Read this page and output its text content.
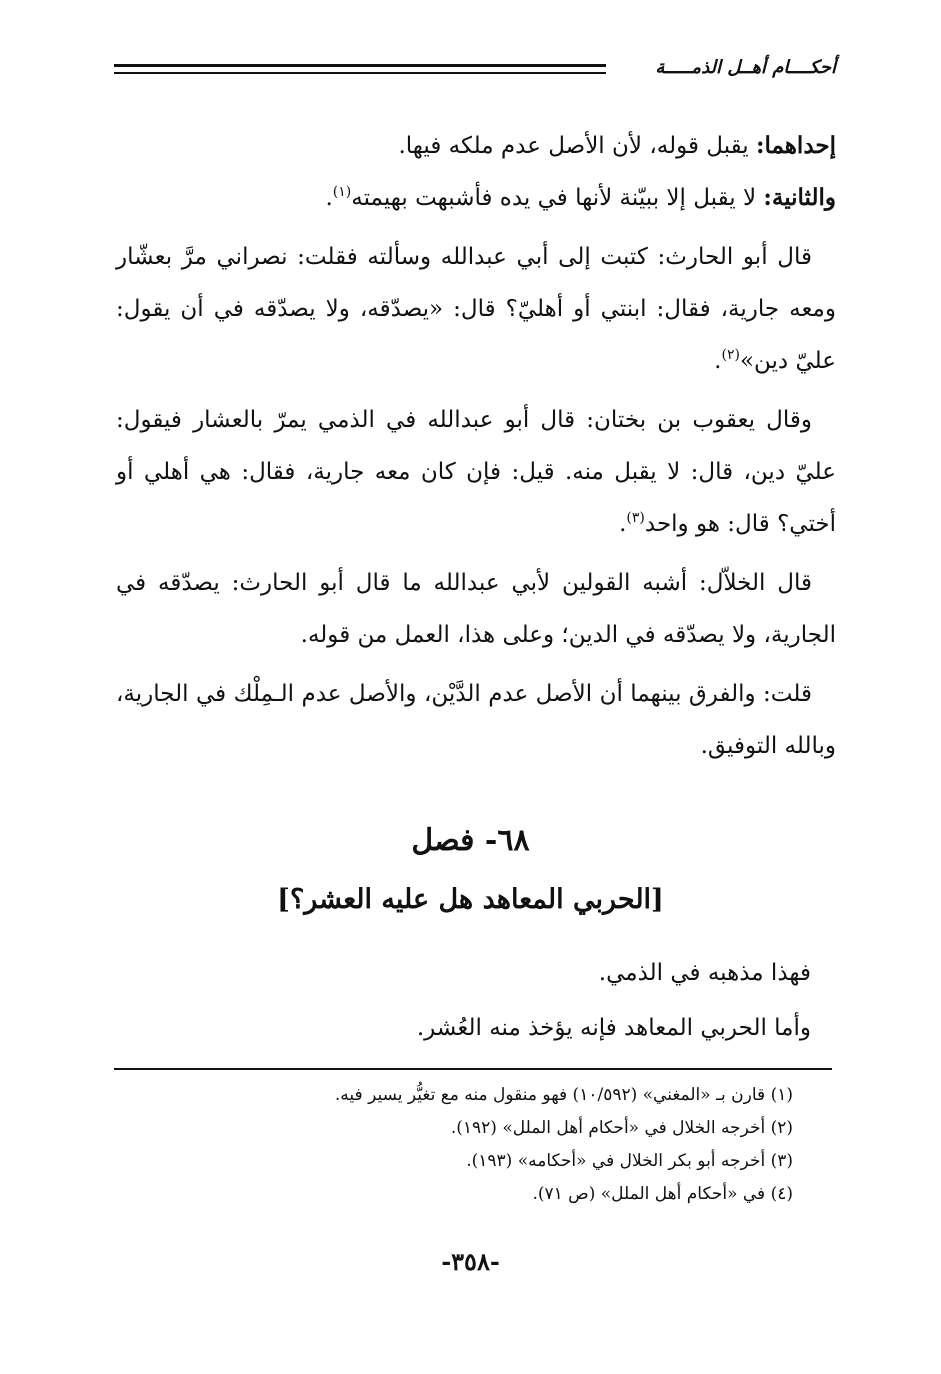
أحكــــام أهــل الذمـــــة

إحداهما: يقبل قوله، لأن الأصل عدم ملكه فيها.

والثانية: لا يقبل إلا ببيّنة لأنها في يده فأشبهت بهيمته$^{(١)}$.

قال أبو الحارث: كتبت إلى أبي عبدالله وسألته فقلت: نصراني مرَّ بعشّار ومعه جارية، فقال: ابنتي أو أهليّ؟ قال: «يصدّقه، ولا يصدّقه في أن يقول: عليّ دين»$^{(٢)}$.

وقال يعقوب بن بختان: قال أبو عبدالله في الذمي يمرّ بالعشار فيقول: عليّ دين، قال: لا يقبل منه. قيل: فإن كان معه جارية، فقال: هي أهلي أو أختي؟ قال: هو واحد$^{(٣)}$.

قال الخلاّل: أشبه القولين لأبي عبدالله ما قال أبو الحارث: يصدّقه في الجارية، ولا يصدّقه في الدين؛ وعلى هذا، العمل من قوله.

قلت: والفرق بينهما أن الأصل عدم الدَّيْن، والأصل عدم الـمِلْك في الجارية، وبالله التوفيق.

٦٨- فصل
[الحربي المعاهد هل عليه العشر؟]
فهذا مذهبه في الذمي.
وأما الحربي المعاهد فإنه يؤخذ منه العُشر.
(١) قارن بـ «المغني» (١٠/٥٩٢) فهو منقول منه مع تغيُّر يسير فيه.
(٢) أخرجه الخلال في «أحكام أهل الملل» (١٩٢).
(٣) أخرجه أبو بكر الخلال في «أحكامه» (١٩٣).
(٤) في «أحكام أهل الملل» (ص ٧١).
-٣٥٨-
